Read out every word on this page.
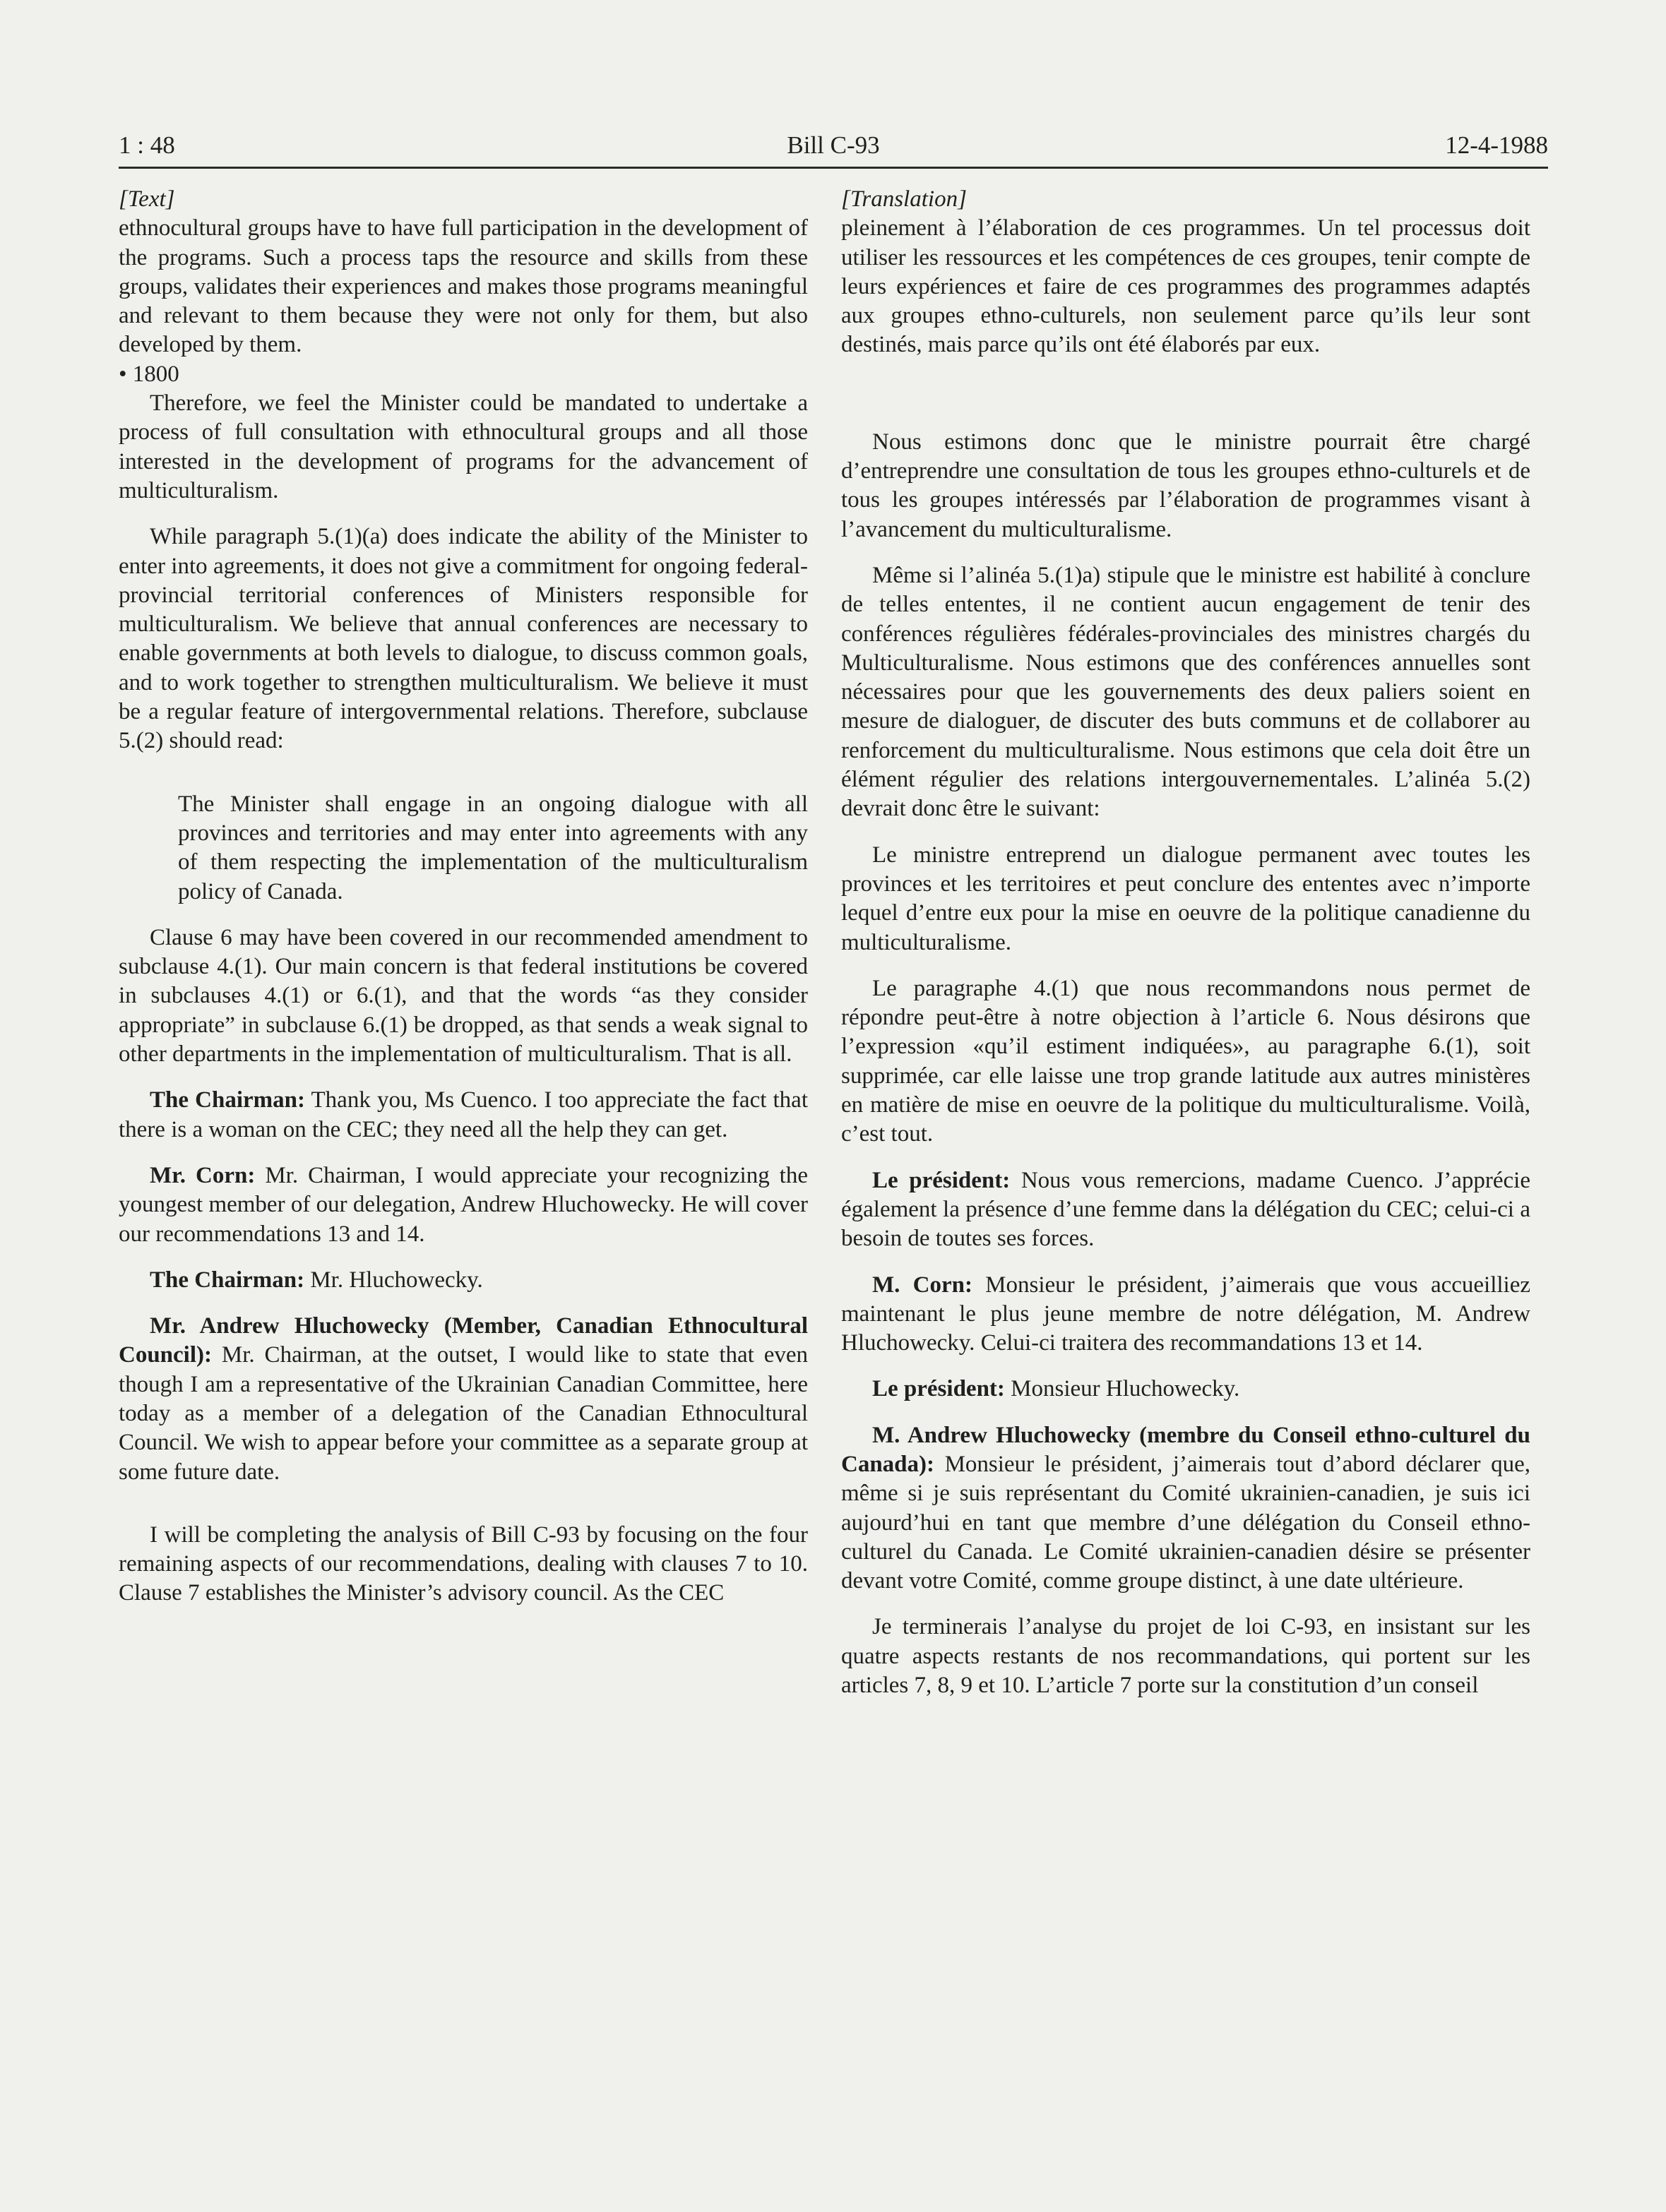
1 : 48	Bill C-93	12-4-1988

[Text]

ethnocultural groups have to have full participation in the development of the programs. Such a process taps the resource and skills from these groups, validates their experiences and makes those programs meaningful and relevant to them because they were not only for them, but also developed by them.

• 1800

Therefore, we feel the Minister could be mandated to undertake a process of full consultation with ethnocultural groups and all those interested in the development of programs for the advancement of multiculturalism.

While paragraph 5.(1)(a) does indicate the ability of the Minister to enter into agreements, it does not give a commitment for ongoing federal-provincial territorial conferences of Ministers responsible for multiculturalism. We believe that annual conferences are necessary to enable governments at both levels to dialogue, to discuss common goals, and to work together to strengthen multiculturalism. We believe it must be a regular feature of intergovernmental relations. Therefore, subclause 5.(2) should read:

The Minister shall engage in an ongoing dialogue with all provinces and territories and may enter into agreements with any of them respecting the implementation of the multiculturalism policy of Canada.

Clause 6 may have been covered in our recommended amendment to subclause 4.(1). Our main concern is that federal institutions be covered in subclauses 4.(1) or 6.(1), and that the words “as they consider appropriate” in subclause 6.(1) be dropped, as that sends a weak signal to other departments in the implementation of multiculturalism. That is all.

The Chairman: Thank you, Ms Cuenco. I too appreciate the fact that there is a woman on the CEC; they need all the help they can get.

Mr. Corn: Mr. Chairman, I would appreciate your recognizing the youngest member of our delegation, Andrew Hluchowecky. He will cover our recommendations 13 and 14.

The Chairman: Mr. Hluchowecky.

Mr. Andrew Hluchowecky (Member, Canadian Ethnocultural Council): Mr. Chairman, at the outset, I would like to state that even though I am a representative of the Ukrainian Canadian Committee, here today as a member of a delegation of the Canadian Ethnocultural Council. We wish to appear before your committee as a separate group at some future date.

I will be completing the analysis of Bill C-93 by focusing on the four remaining aspects of our recommendations, dealing with clauses 7 to 10. Clause 7 establishes the Minister’s advisory council. As the CEC

[Translation]

pleinement à l’élaboration de ces programmes. Un tel processus doit utiliser les ressources et les compétences de ces groupes, tenir compte de leurs expériences et faire de ces programmes des programmes adaptés aux groupes ethno-culturels, non seulement parce qu’ils leur sont destinés, mais parce qu’ils ont été élaborés par eux.

Nous estimons donc que le ministre pourrait être chargé d’entreprendre une consultation de tous les groupes ethno-culturels et de tous les groupes intéressés par l’élaboration de programmes visant à l’avancement du multiculturalisme.

Même si l’alinéa 5.(1)a) stipule que le ministre est habilité à conclure de telles ententes, il ne contient aucun engagement de tenir des conférences régulières fédérales-provinciales des ministres chargés du Multiculturalisme. Nous estimons que des conférences annuelles sont nécessaires pour que les gouvernements des deux paliers soient en mesure de dialoguer, de discuter des buts communs et de collaborer au renforcement du multiculturalisme. Nous estimons que cela doit être un élément régulier des relations intergouvernementales. L’alinéa 5.(2) devrait donc être le suivant:

Le ministre entreprend un dialogue permanent avec toutes les provinces et les territoires et peut conclure des ententes avec n’importe lequel d’entre eux pour la mise en oeuvre de la politique canadienne du multiculturalisme.

Le paragraphe 4.(1) que nous recommandons nous permet de répondre peut-être à notre objection à l’article 6. Nous désirons que l’expression «qu’il estiment indiquées», au paragraphe 6.(1), soit supprimée, car elle laisse une trop grande latitude aux autres ministères en matière de mise en oeuvre de la politique du multiculturalisme. Voilà, c’est tout.

Le président: Nous vous remercions, madame Cuenco. J’apprécie également la présence d’une femme dans la délégation du CEC; celui-ci a besoin de toutes ses forces.

M. Corn: Monsieur le président, j’aimerais que vous accueilliez maintenant le plus jeune membre de notre délégation, M. Andrew Hluchowecky. Celui-ci traitera des recommandations 13 et 14.

Le président: Monsieur Hluchowecky.

M. Andrew Hluchowecky (membre du Conseil ethno-culturel du Canada): Monsieur le président, j’aimerais tout d’abord déclarer que, même si je suis représentant du Comité ukrainien-canadien, je suis ici aujourd’hui en tant que membre d’une délégation du Conseil ethno-culturel du Canada. Le Comité ukrainien-canadien désire se présenter devant votre Comité, comme groupe distinct, à une date ultérieure.

Je terminerais l’analyse du projet de loi C-93, en insistant sur les quatre aspects restants de nos recommandations, qui portent sur les articles 7, 8, 9 et 10. L’article 7 porte sur la constitution d’un conseil
